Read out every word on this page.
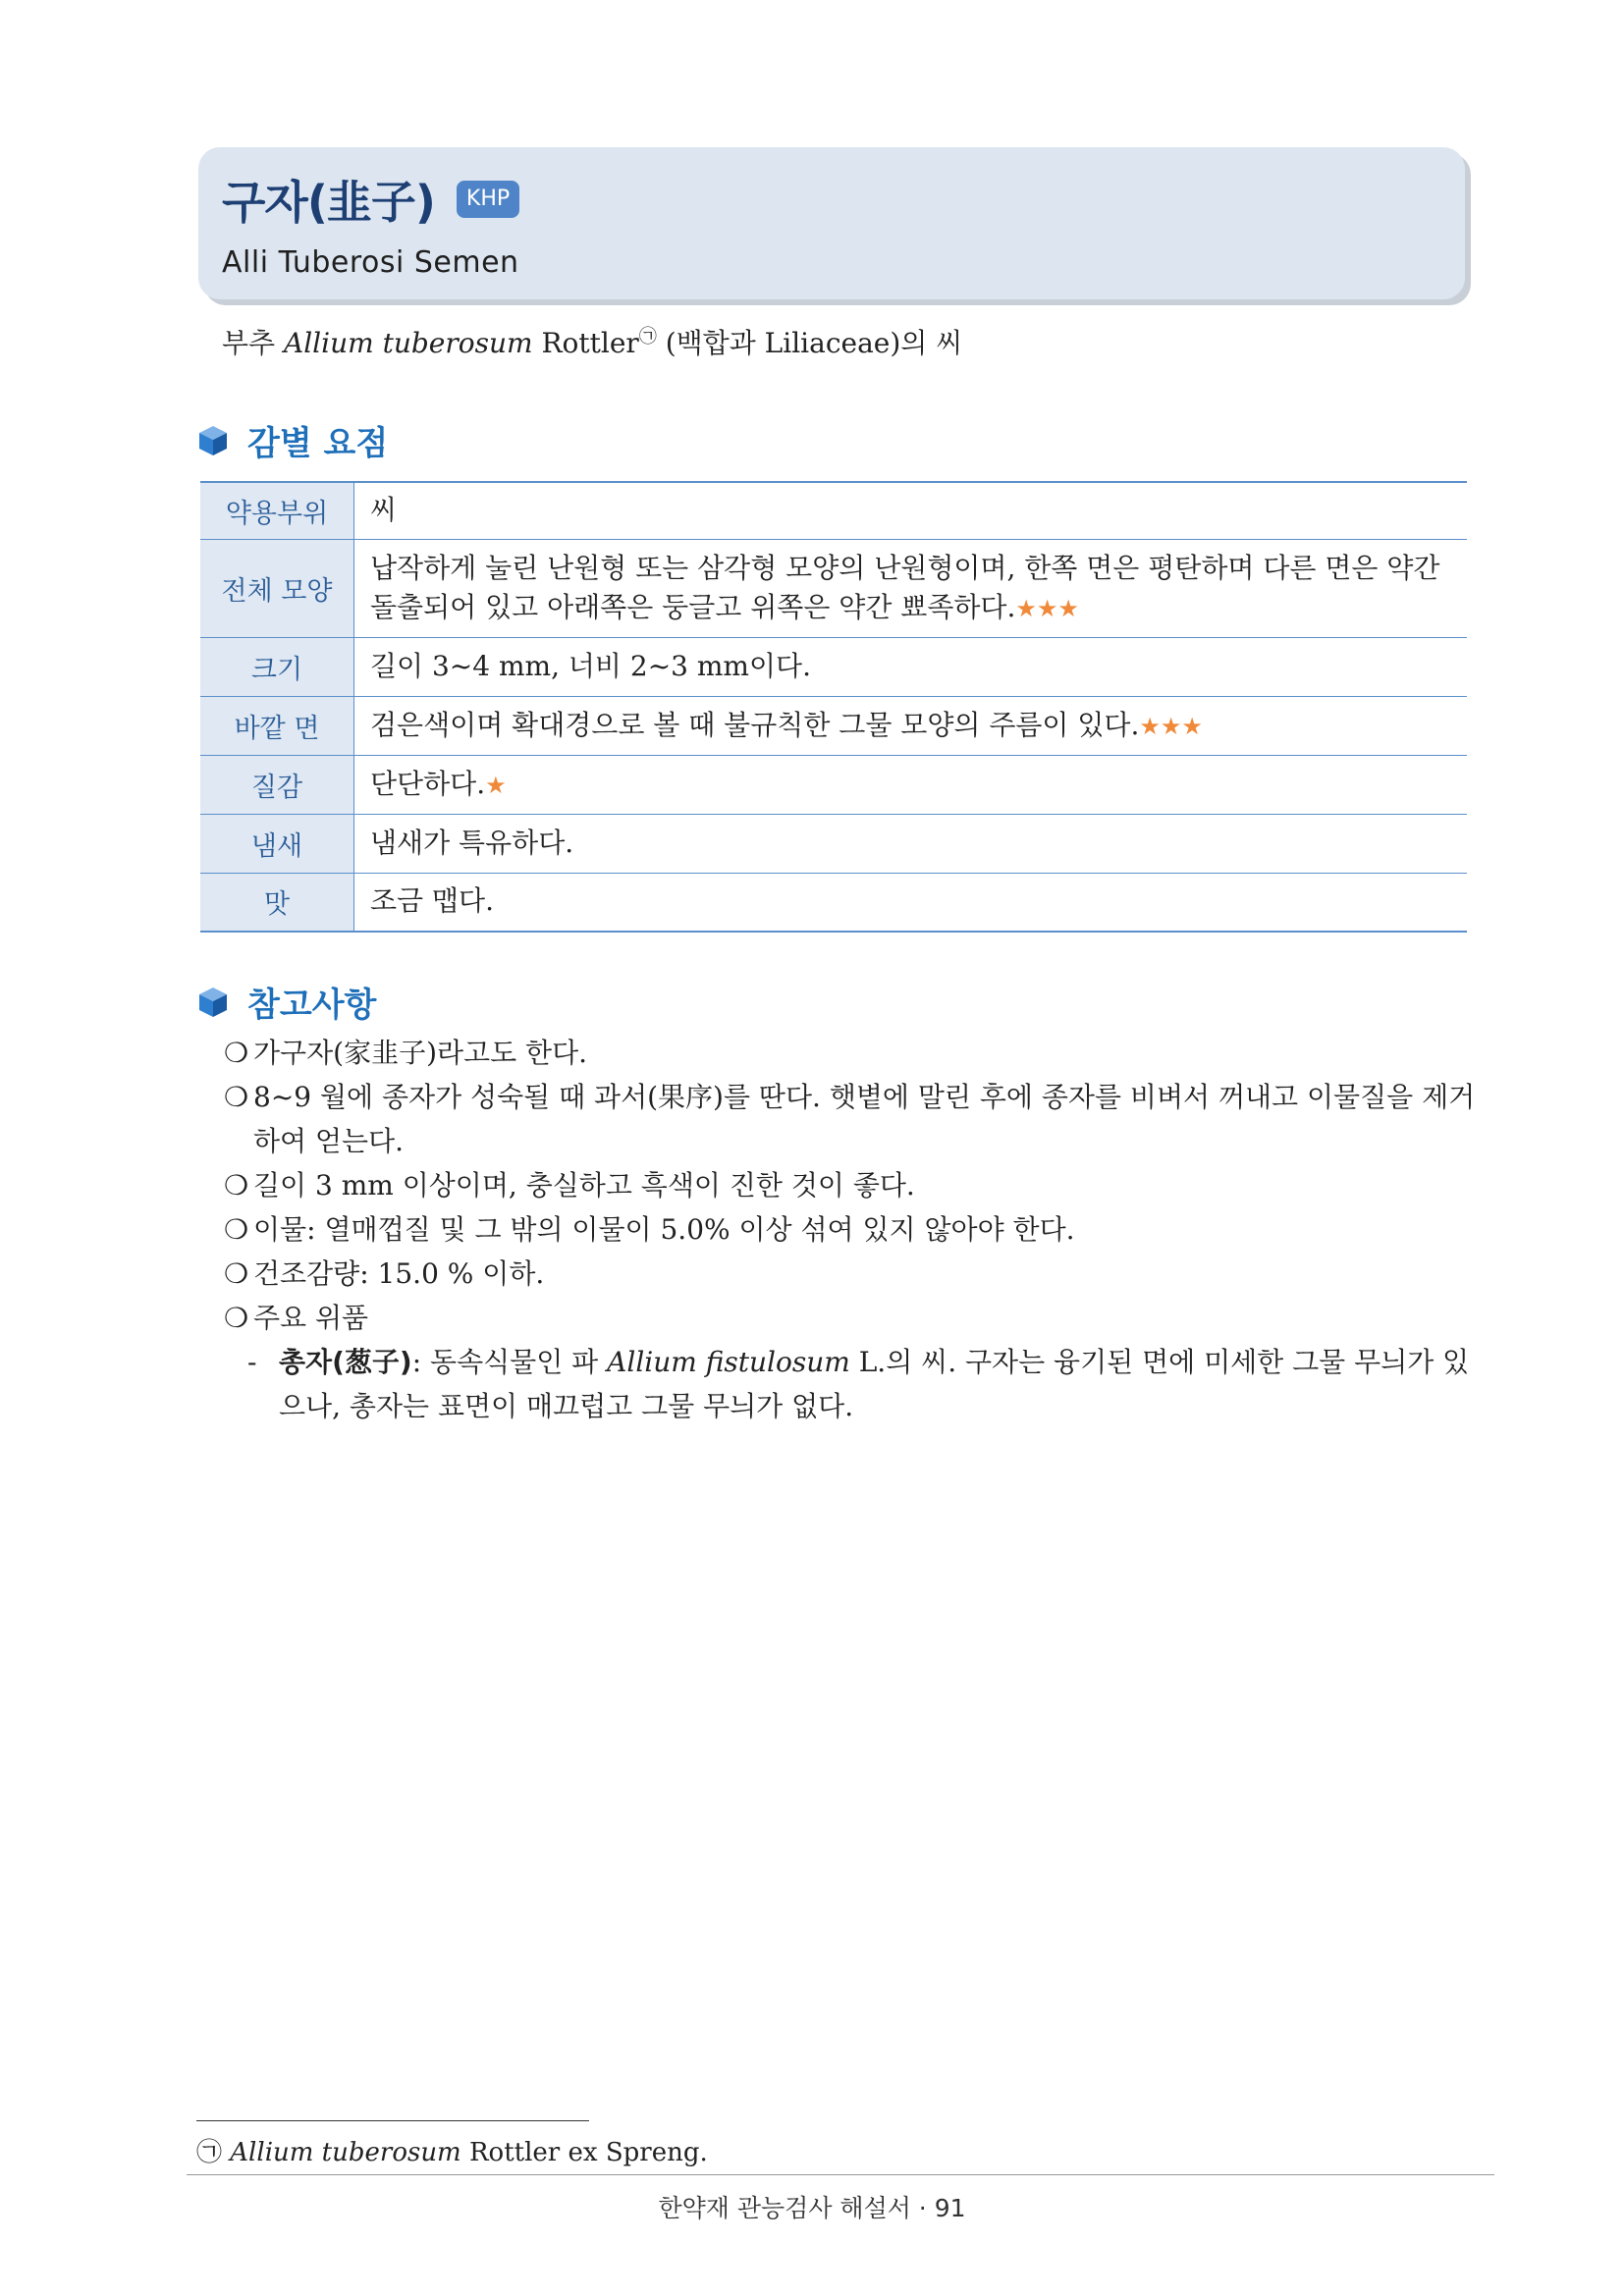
구자(韭子)	KHP
Alli Tuberosi Semen
부추 Allium tuberosum Rottler㉠ (백합과 Liliaceae)의 씨
감별 요점
약용부위	씨
전체 모양	납작하게 눌린 난원형 또는 삼각형 모양의 난원형이며, 한쪽 면은 평탄하며 다른 면은 약간 돌출되어 있고 아래쪽은 둥글고 위쪽은 약간 뾰족하다.★★★
크기	길이 3~4 mm, 너비 2~3 mm이다.
바깥 면	검은색이며 확대경으로 볼 때 불규칙한 그물 모양의 주름이 있다.★★★
질감	단단하다.★
냄새	냄새가 특유하다.
맛	조금 맵다.
참고사항
❍ 가구자(家韭子)라고도 한다.
❍ 8~9 월에 종자가 성숙될 때 과서(果序)를 딴다. 햇볕에 말린 후에 종자를 비벼서 꺼내고 이물질을 제거하여 얻는다.
❍ 길이 3 mm 이상이며, 충실하고 흑색이 진한 것이 좋다.
❍ 이물: 열매껍질 및 그 밖의 이물이 5.0% 이상 섞여 있지 않아야 한다.
❍ 건조감량: 15.0 % 이하.
❍ 주요 위품
- 총자(葱子): 동속식물인 파 Allium fistulosum L.의 씨. 구자는 융기된 면에 미세한 그물 무늬가 있으나, 총자는 표면이 매끄럽고 그물 무늬가 없다.
㉠ Allium tuberosum Rottler ex Spreng.
한약재 관능검사 해설서 · 91
